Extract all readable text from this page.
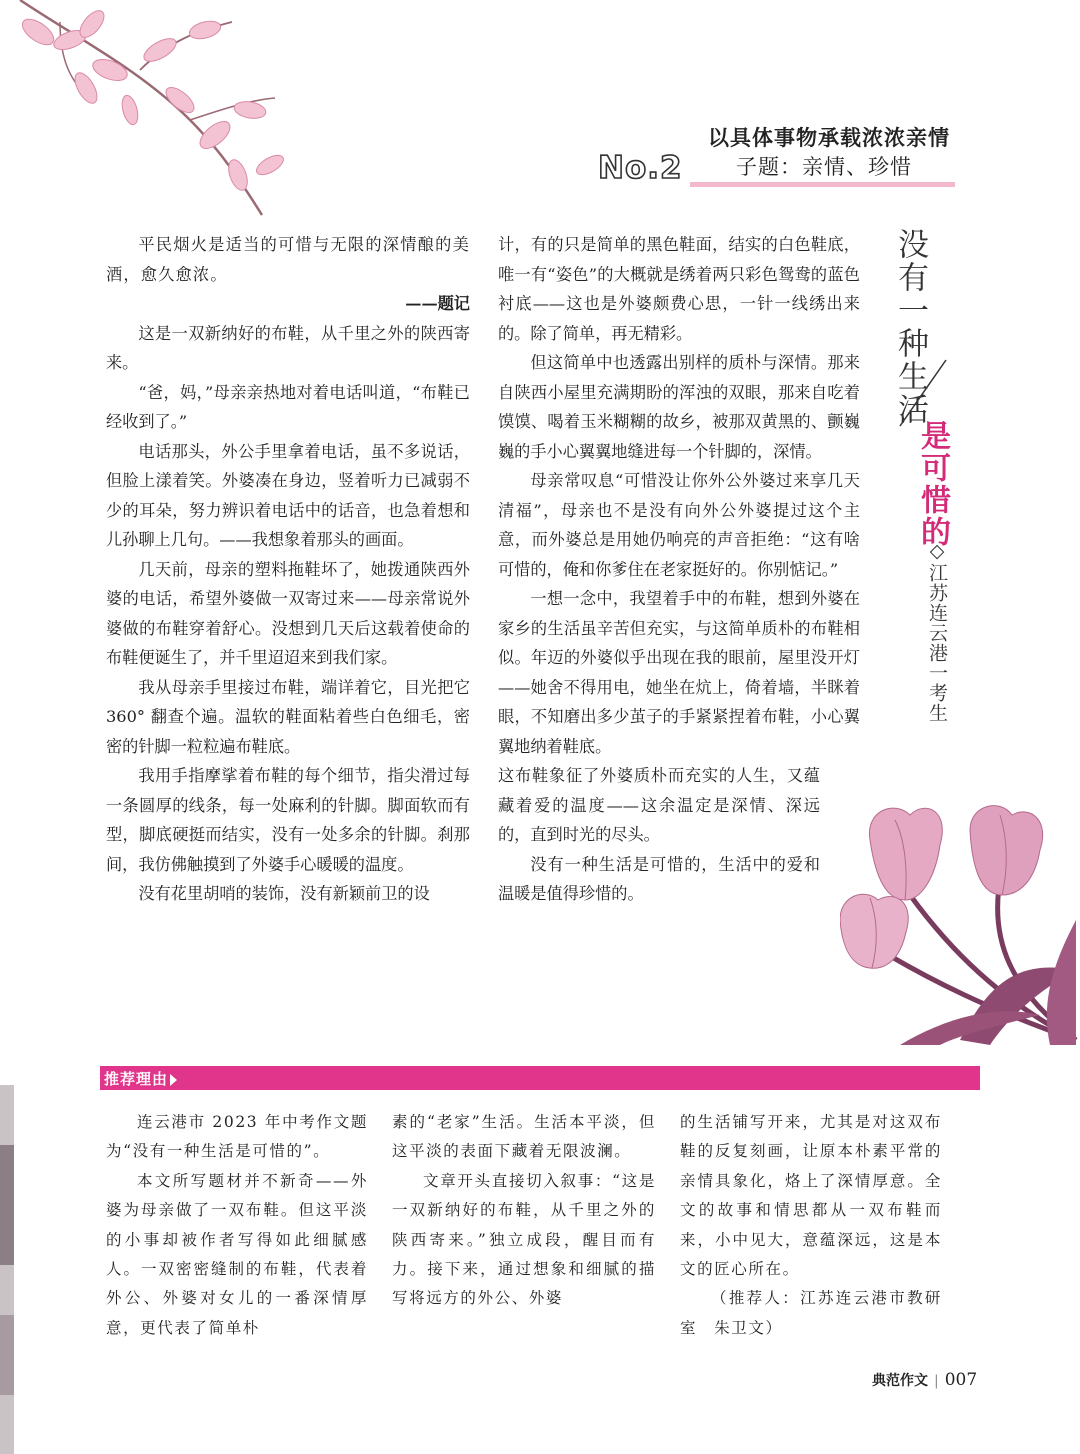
以具体事物承载浓浓亲情
No.2	子题：亲情、珍惜

平民烟火是适当的可惜与无限的深情酿的美酒，愈久愈浓。

——题记

这是一双新纳好的布鞋，从千里之外的陕西寄来。

“爸，妈，”母亲亲热地对着电话叫道，“布鞋已经收到了。”

电话那头，外公手里拿着电话，虽不多说话，但脸上漾着笑。外婆凑在身边，竖着听力已减弱不少的耳朵，努力辨识着电话中的话音，也急着想和儿孙聊上几句。——我想象着那头的画面。

几天前，母亲的塑料拖鞋坏了，她拨通陕西外婆的电话，希望外婆做一双寄过来——母亲常说外婆做的布鞋穿着舒心。没想到几天后这载着使命的布鞋便诞生了，并千里迢迢来到我们家。

我从母亲手里接过布鞋，端详着它，目光把它 360° 翻查个遍。温软的鞋面粘着些白色细毛，密密的针脚一粒粒遍布鞋底。

我用手指摩挲着布鞋的每个细节，指尖滑过每一条圆厚的线条，每一处麻利的针脚。脚面软而有型，脚底硬挺而结实，没有一处多余的针脚。刹那间，我仿佛触摸到了外婆手心暖暖的温度。

没有花里胡哨的装饰，没有新颖前卫的设

计，有的只是简单的黑色鞋面，结实的白色鞋底，唯一有“姿色”的大概就是绣着两只彩色鸳鸯的蓝色衬底——这也是外婆颇费心思，一针一线绣出来的。除了简单，再无精彩。

但这简单中也透露出别样的质朴与深情。那来自陕西小屋里充满期盼的浑浊的双眼，那来自吃着馍馍、喝着玉米糊糊的故乡，被那双黄黑的、颤巍巍的手小心翼翼地缝进每一个针脚的，深情。

母亲常叹息“可惜没让你外公外婆过来享几天清福”，母亲也不是没有向外公外婆提过这个主意，而外婆总是用她仍响亮的声音拒绝：“这有啥可惜的，俺和你爹住在老家挺好的。你别惦记。”

一想一念中，我望着手中的布鞋，想到外婆在家乡的生活虽辛苦但充实，与这简单质朴的布鞋相似。年迈的外婆似乎出现在我的眼前，屋里没开灯——她舍不得用电，她坐在炕上，倚着墙，半眯着眼，不知磨出多少茧子的手紧紧捏着布鞋，小心翼翼地纳着鞋底。

这布鞋象征了外婆质朴而充实的人生，又蕴藏着爱的温度——这余温定是深情、深远的，直到时光的尽头。

没有一种生活是可惜的，生活中的爱和温暖是值得珍惜的。

没有一种生活
是可惜的
◇江苏连云港一考生
推荐理由

连云港市 2023 年中考作文题为“没有一种生活是可惜的”。

本文所写题材并不新奇——外婆为母亲做了一双布鞋。但这平淡的小事却被作者写得如此细腻感人。一双密密缝制的布鞋，代表着外公、外婆对女儿的一番深情厚意，更代表了简单朴

素的“老家”生活。生活本平淡，但这平淡的表面下藏着无限波澜。

文章开头直接切入叙事：“这是一双新纳好的布鞋，从千里之外的陕西寄来。”独立成段，醒目而有力。接下来，通过想象和细腻的描写将远方的外公、外婆

的生活铺写开来，尤其是对这双布鞋的反复刻画，让原本朴素平常的亲情具象化，烙上了深情厚意。全文的故事和情思都从一双布鞋而来，小中见大，意蕴深远，这是本文的匠心所在。

（推荐人：江苏连云港市教研室　朱卫文）

典范作文 | 007
